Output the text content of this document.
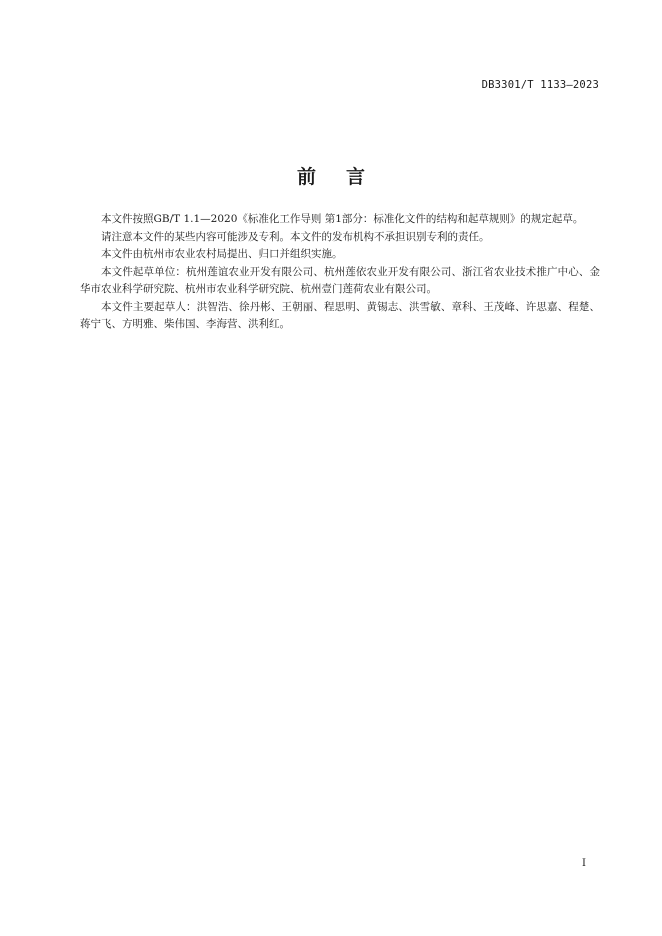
DB3301/T 1133—2023
前 言

本文件按照GB/T 1.1—2020《标准化工作导则 第1部分：标准化文件的结构和起草规则》的规定起草。

请注意本文件的某些内容可能涉及专利。本文件的发布机构不承担识别专利的责任。

本文件由杭州市农业农村局提出、归口并组织实施。

本文件起草单位：杭州莲谊农业开发有限公司、杭州莲依农业开发有限公司、浙江省农业技术推广中心、金华市农业科学研究院、杭州市农业科学研究院、杭州壹门莲荷农业有限公司。

本文件主要起草人：洪智浩、徐丹彬、王朝丽、程思明、黄锡志、洪雪敏、章科、王茂峰、许思嘉、程楚、蒋宁飞、方明雅、柴伟国、李海营、洪利红。

I
